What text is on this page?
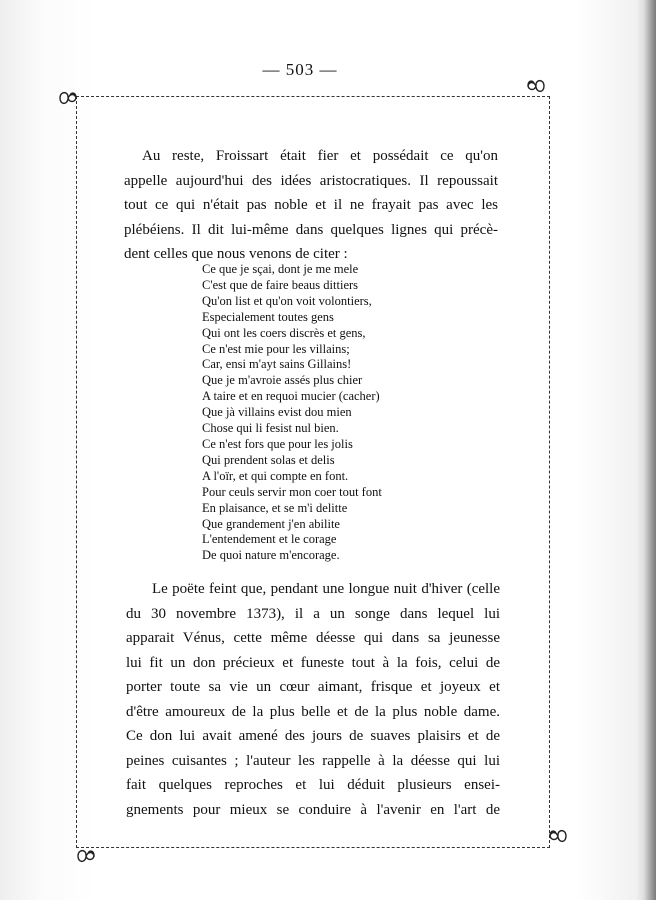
— 503 —
Au reste, Froissart était fier et possédait ce qu'on
appelle aujourd'hui des idées aristocratiques. Il repoussait
tout ce qui n'était pas noble et il ne frayait pas avec les
plébéiens. Il dit lui-même dans quelques lignes qui précè-
dent celles que nous venons de citer :
Ce que je sçai, dont je me mele
C'est que de faire beaus dittiers
Qu'on list et qu'on voit volontiers,
Especialement toutes gens
Qui ont les coers discrès et gens,
Ce n'est mie pour les villains;
Car, ensi m'ayt sains Gillains!
Que je m'avroie assés plus chier
A taire et en requoi mucier (cacher)
Que jà villains evist dou mien
Chose qui li fesist nul bien.
Ce n'est fors que pour les jolis
Qui prendent solas et delis
A l'oïr, et qui compte en font.
Pour ceuls servir mon coer tout font
En plaisance, et se m'i delitte
Que grandement j'en abilite
L'entendement et le corage
De quoi nature m'encorage.
Le poëte feint que, pendant une longue nuit d'hiver (celle
du 30 novembre 1373), il a un songe dans lequel lui
apparait Vénus, cette même déesse qui dans sa jeunesse
lui fit un don précieux et funeste tout à la fois, celui de
porter toute sa vie un cœur aimant, frisque et joyeux et
d'être amoureux de la plus belle et de la plus noble dame.
Ce don lui avait amené des jours de suaves plaisirs et de
peines cuisantes ; l'auteur les rappelle à la déesse qui lui
fait quelques reproches et lui déduit plusieurs ensei-
gnements pour mieux se conduire à l'avenir en l'art de
